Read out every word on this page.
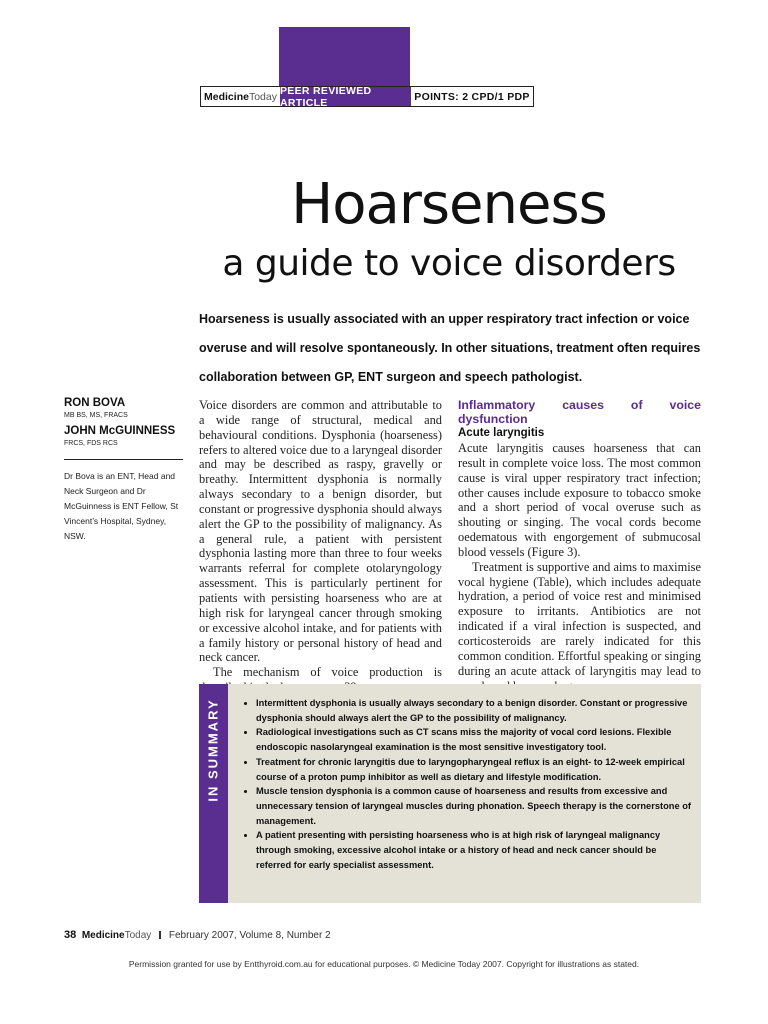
Medicine Today PEER REVIEWED ARTICLE	POINTS: 2 CPD/1 PDP
Hoarseness
a guide to voice disorders
Hoarseness is usually associated with an upper respiratory tract infection or voice overuse and will resolve spontaneously. In other situations, treatment often requires collaboration between GP, ENT surgeon and speech pathologist.
RON BOVA
MB BS, MS, FRACS
JOHN McGUINNESS
FRCS, FDS RCS
Dr Bova is an ENT, Head and Neck Surgeon and Dr McGuinness is ENT Fellow, St Vincent’s Hospital, Sydney, NSW.

Voice disorders are common and attributable to a wide range of structural, medical and behavioural conditions. Dysphonia (hoarseness) refers to altered voice due to a laryngeal disorder and may be described as raspy, gravelly or breathy. Intermittent dysphonia is normally always secondary to a benign disorder, but constant or progressive dysphonia should always alert the GP to the possibility of malignancy. As a general rule, a patient with persistent dysphonia lasting more than three to four weeks warrants referral for complete otolaryngology assessment. This is particularly pertinent for patients with persisting hoarseness who are at high risk for laryngeal cancer through smoking or excessive alcohol intake, and for patients with a family history or personal history of head and neck cancer.

The mechanism of voice production is

Inflammatory causes of voice dysfunction
Acute laryngitis

Acute laryngitis causes hoarseness that can result in complete voice loss. The most common cause is viral upper respiratory tract infection; other causes include exposure to tobacco smoke and a short period of vocal overuse such as shouting or singing. The vocal cords become oedematous with engorgement of submucosal blood vessels (Figure 3).

Treatment is supportive and aims to maximise vocal hygiene (Table), which includes adequate hydration, a period of voice rest and minimised exposure to irritants. Antibiotics are not indicated if a viral infection is suspected, and corticosteroids are rarely indicated for this common condition. Effortful speaking or singing during an acute attack of laryngitis may lead to

IN SUMMARY
•	Intermittent dysphonia is usually always secondary to a benign disorder. Constant or progressive dysphonia should always alert the GP to the possibility of malignancy.
• Radiological investigations such as CT scans miss the majority of vocal cord lesions. Flexible endoscopic nasolaryngeal examination is the most sensitive investigatory tool.
• Treatment for chronic laryngitis due to laryngopharyngeal reflux is an eight- to 12-week empirical course of a proton pump inhibitor as well as dietary and lifestyle modification.
• Muscle tension dysphonia is a common cause of hoarseness and results from excessive and unnecessary tension of laryngeal muscles during phonation. Speech therapy is the cornerstone of management.
• A patient presenting with persisting hoarseness who is at high risk of laryngeal malignancy through smoking, excessive alcohol intake or a history of head and neck cancer should be referred for early specialist assessment.
38 MedicineToday February 2007, Volume 8, Number 2
Permission granted for use by Entthyroid.com.au for educational purposes. © Medicine Today 2007. Copyright for illustrations as stated.
